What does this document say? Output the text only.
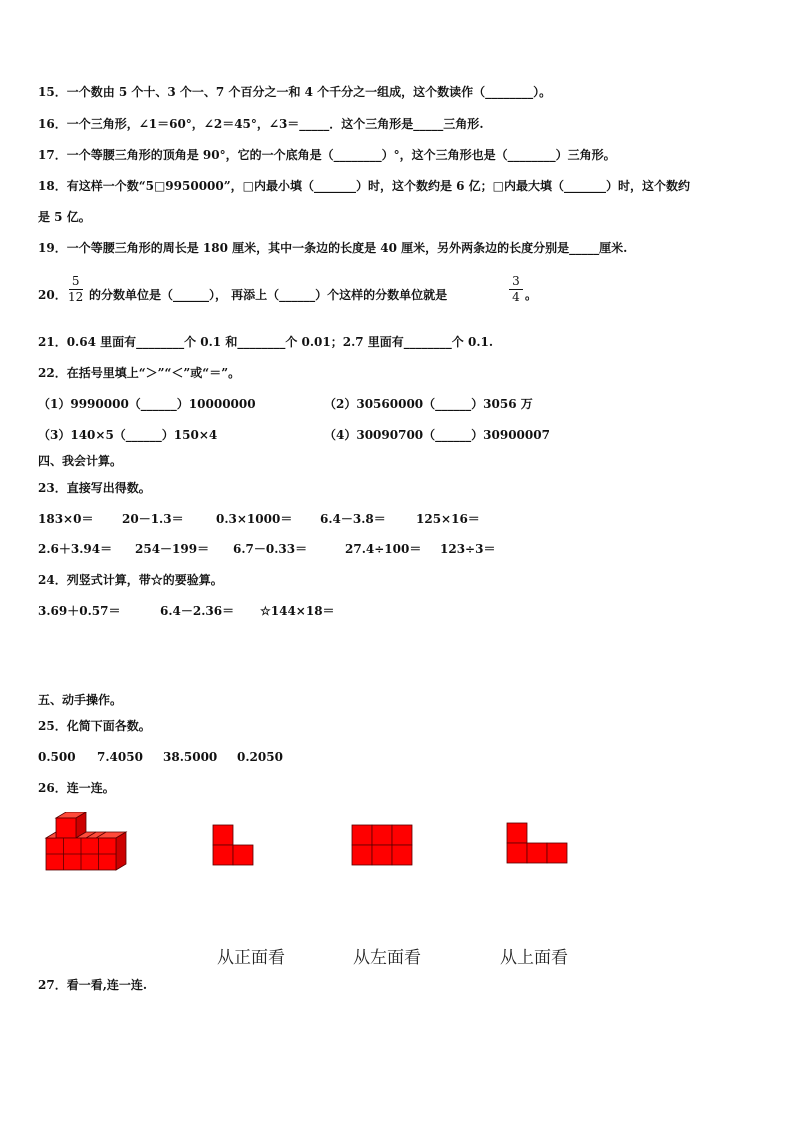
15．一个数由 5 个十、3 个一、7 个百分之一和 4 个千分之一组成，这个数读作（________）。
16．一个三角形，∠1＝60°，∠2＝45°，∠3＝_____．这个三角形是_____三角形.
17．一个等腰三角形的顶角是 90°，它的一个底角是（________）°，这个三角形也是（________）三角形。
18．有这样一个数“5□9950000”，□内最小填（_______）时，这个数约是 6 亿；□内最大填（_______）时，这个数约
是 5 亿。
19．一个等腰三角形的周长是 180 厘米，其中一条边的长度是 40 厘米，另外两条边的长度分别是_____厘米.
20．
5
12 的分数单位是（______）， 再添上（______）个这样的分数单位就是
3
4 。
21．0.64 里面有________个 0.1 和________个 0.01；2.7 里面有________个 0.1.
22．在括号里填上“＞”“＜”或“＝”。
（1）9990000（______）10000000	（2）30560000（______）3056 万
（3）140×5（______）150×4	（4）30090700（______）30900007
四、我会计算。
23．直接写出得数。
183×0＝ 20－1.3＝	0.3×1000＝ 6.4－3.8＝	125×16＝
2.6＋3.94＝ 254－199＝ 6.7－0.33＝	27.4÷100＝ 123÷3＝
24．列竖式计算，带☆的要验算。
3.69＋0.57＝	6.4－2.36＝ ☆144×18＝
五、动手操作。
25．化简下面各数。
0.500 7.4050 38.5000 0.2050
26．连一连。
从正面看	从左面看	从上面看
27．看一看,连一连.
